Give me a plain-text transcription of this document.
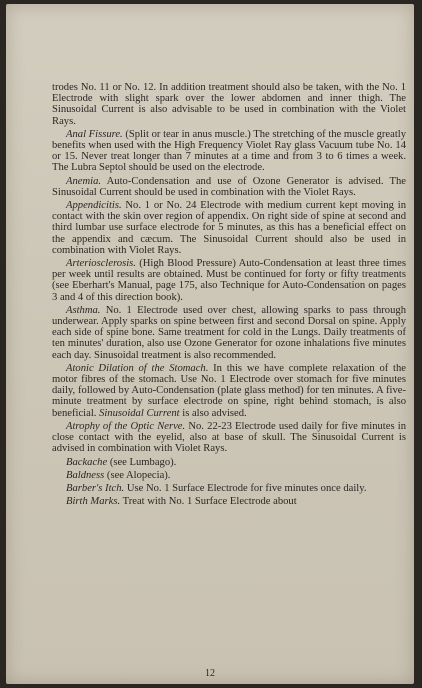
trodes No. 11 or No. 12. In addition treatment should also be taken, with the No. 1 Electrode with slight spark over the lower abdomen and inner thigh. The Sinusoidal Current is also advisable to be used in combination with the Violet Rays.

Anal Fissure. (Split or tear in anus muscle.) The stretching of the muscle greatly benefits when used with the High Frequency Violet Ray glass Vacuum tube No. 14 or 15. Never treat longer than 7 minutes at a time and from 3 to 6 times a week. The Lubra Septol should be used on the electrode.

Anemia. Auto-Condensation and use of Ozone Generator is advised. The Sinusoidal Current should be used in combination with the Violet Rays.

Appendicitis. No. 1 or No. 24 Electrode with medium current kept moving in contact with the skin over region of appendix. On right side of spine at second and third lumbar use surface electrode for 5 minutes, as this has a beneficial effect on the appendix and cæcum. The Sinusoidal Current should also be used in combination with Violet Rays.

Arteriosclerosis. (High Blood Pressure) Auto-Condensation at least three times per week until results are obtained. Must be continued for forty or fifty treatments (see Eberhart's Manual, page 175, also Technique for Auto-Condensation on pages 3 and 4 of this direction book).

Asthma. No. 1 Electrode used over chest, allowing sparks to pass through underwear. Apply sparks on spine between first and second Dorsal on spine. Apply each side of spine bone. Same treatment for cold in the Lungs. Daily treatments of ten minutes' duration, also use Ozone Generator for ozone inhalations five minutes each day. Sinusoidal treatment is also recommended.

Atonic Dilation of the Stomach. In this we have complete relaxation of the motor fibres of the stomach. Use No. 1 Electrode over stomach for five minutes daily, followed by Auto-Condensation (plate glass method) for ten minutes. A five-minute treatment by surface electrode on spine, right behind stomach, is also beneficial. Sinusoidal Current is also advised.

Atrophy of the Optic Nerve. No. 22-23 Electrode used daily for five minutes in close contact with the eyelid, also at base of skull. The Sinusoidal Current is advised in combination with Violet Rays.

Backache (see Lumbago).

Baldness (see Alopecia).

Barber's Itch. Use No. 1 Surface Electrode for five minutes once daily.

Birth Marks. Treat with No. 1 Surface Electrode about

12
